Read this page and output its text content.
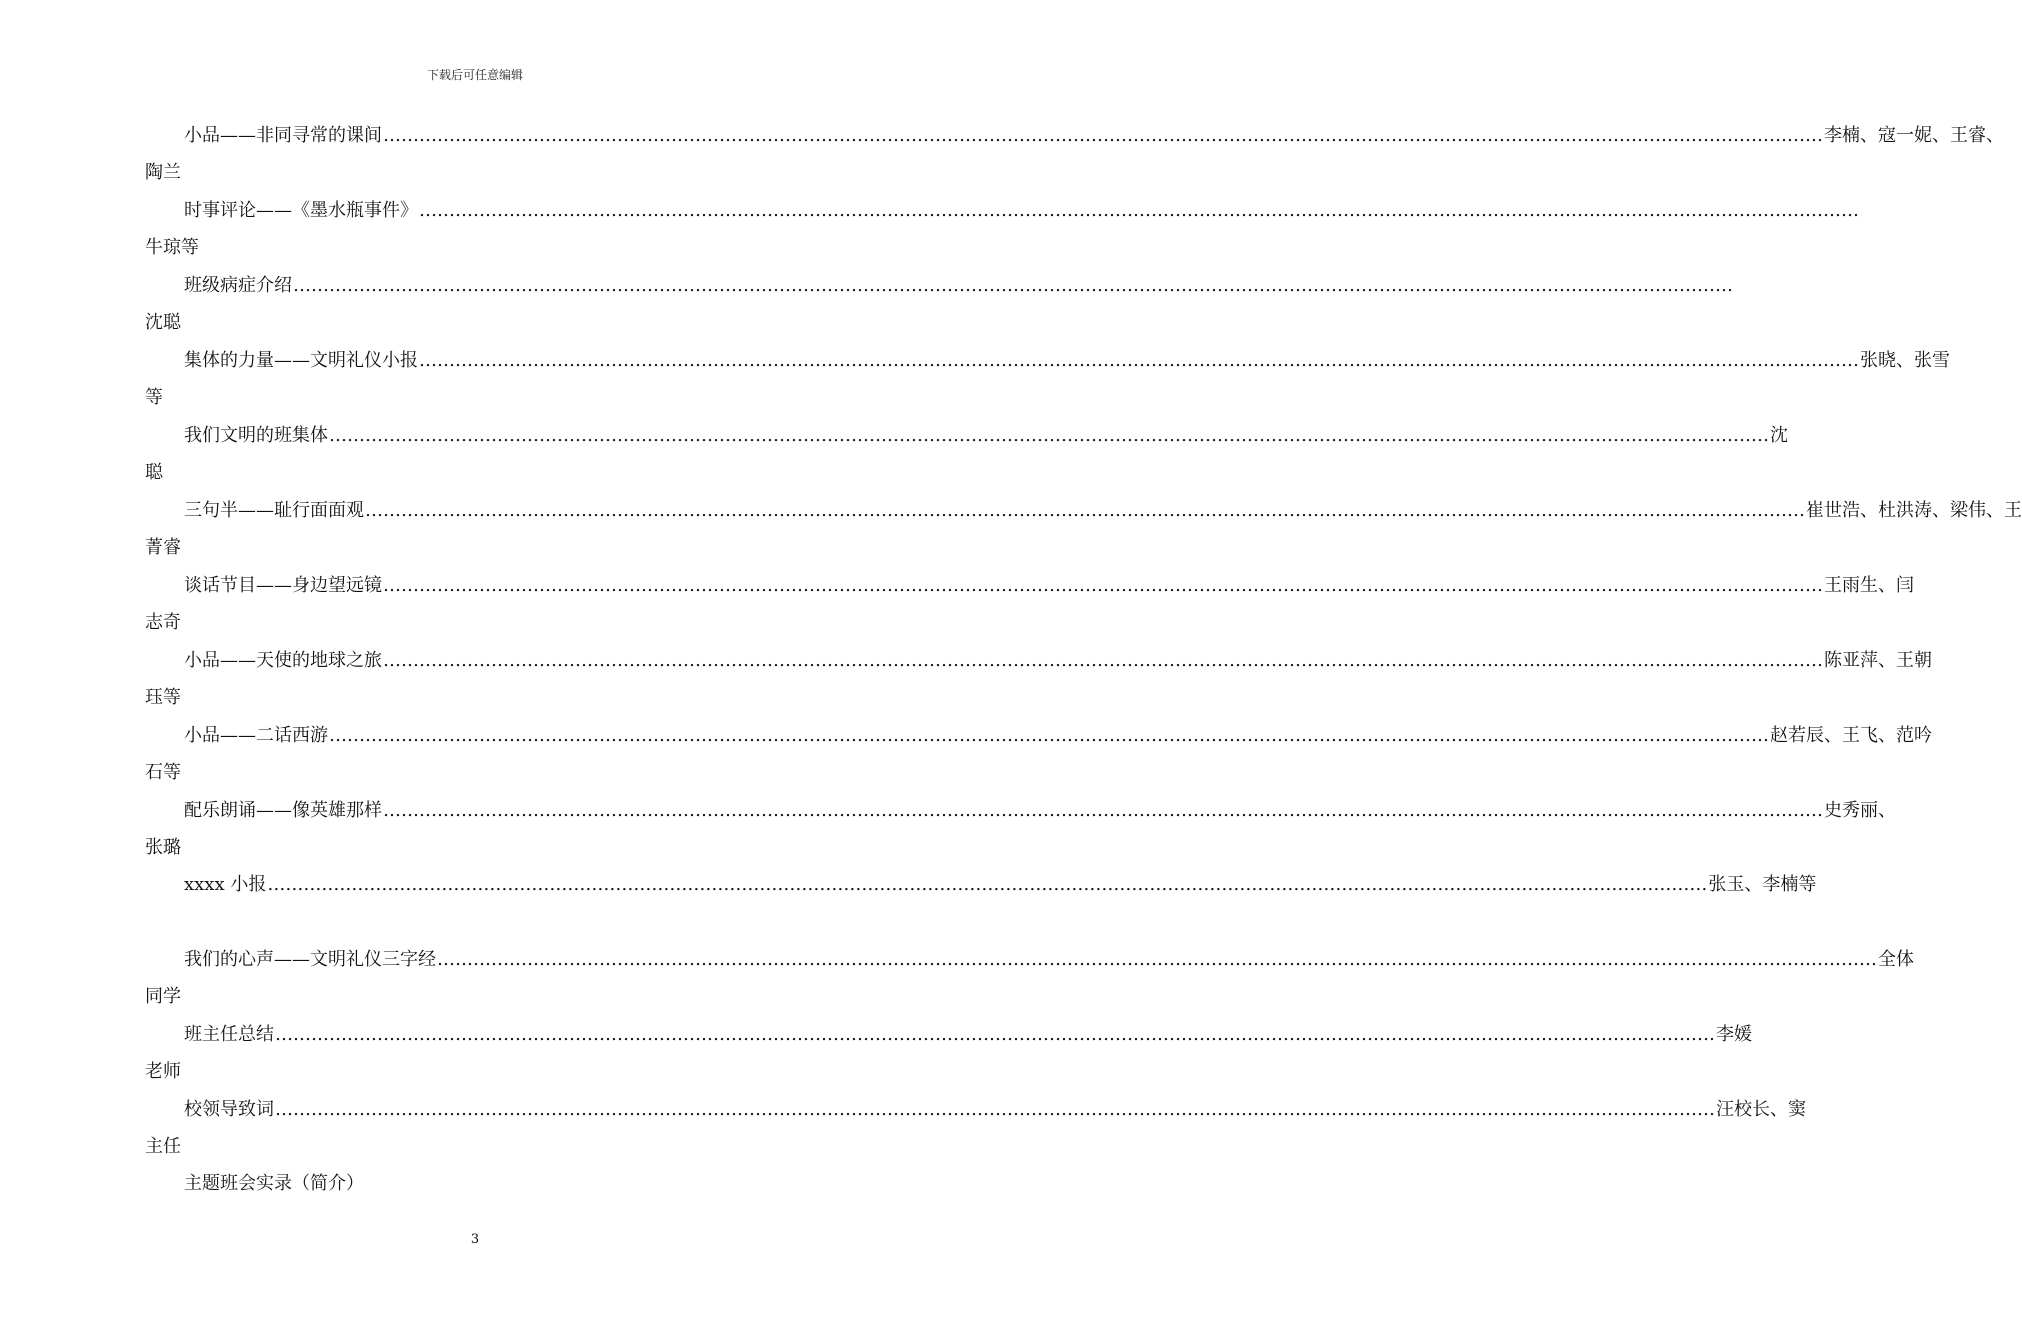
下载后可任意编辑
小品——非同寻常的课间 …………………………………………………………………………………………………………………………………………………………………………………………………………………… 李楠、寇一妮、王睿、
陶兰
时事评论——《墨水瓶事件》 ……………………………………………………………………………………………………………………………………………………………………………………………………………………
牛琼等
班级病症介绍 ……………………………………………………………………………………………………………………………………………………………………………………………………………………
沈聪
集体的力量——文明礼仪小报 …………………………………………………………………………………………………………………………………………………………………………………………………………………… 张晓、张雪
等
我们文明的班集体 …………………………………………………………………………………………………………………………………………………………………………………………………………………… 沈
聪
三句半——耻行面面观 …………………………………………………………………………………………………………………………………………………………………………………………………………………… 崔世浩、杜洪涛、梁伟、王
菁睿
谈话节目——身边望远镜 …………………………………………………………………………………………………………………………………………………………………………………………………………………… 王雨生、闫
志奇
小品——天使的地球之旅 …………………………………………………………………………………………………………………………………………………………………………………………………………………… 陈亚萍、王朝
珏等
小品——二话西游 …………………………………………………………………………………………………………………………………………………………………………………………………………………… 赵若辰、王飞、范吟
石等
配乐朗诵——像英雄那样 …………………………………………………………………………………………………………………………………………………………………………………………………………………… 史秀丽、
张璐
xxxx 小报 …………………………………………………………………………………………………………………………………………………………………………………………………………………… 张玉、李楠等
我们的心声——文明礼仪三字经 …………………………………………………………………………………………………………………………………………………………………………………………………………………… 全体
同学
班主任总结 …………………………………………………………………………………………………………………………………………………………………………………………………………………… 李媛
老师
校领导致词 …………………………………………………………………………………………………………………………………………………………………………………………………………………… 汪校长、窦
主任
主题班会实录（简介）
3
